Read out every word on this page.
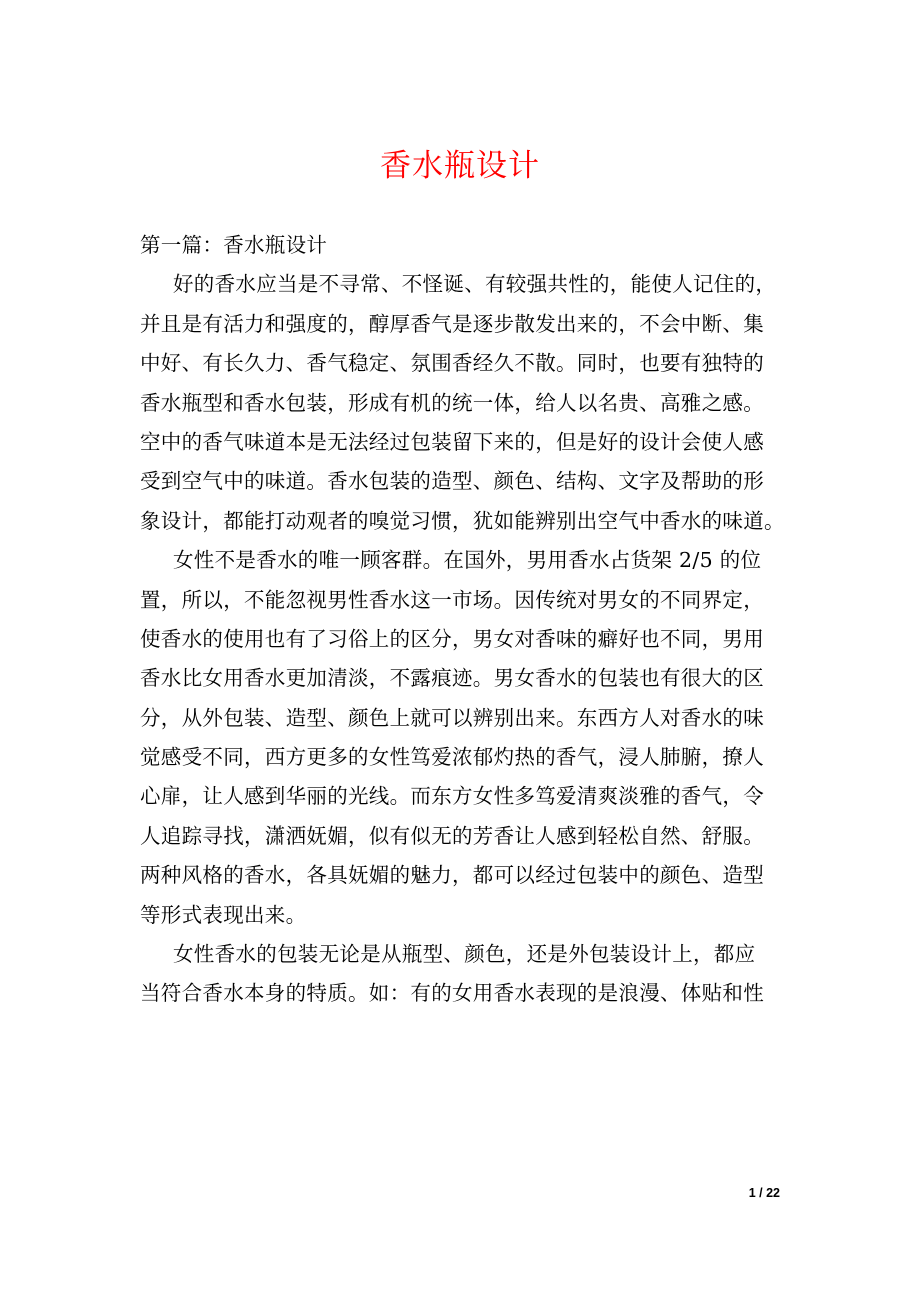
香水瓶设计
第一篇：香水瓶设计
好的香水应当是不寻常、不怪诞、有较强共性的，能使人记住的，
并且是有活力和强度的，醇厚香气是逐步散发出来的，不会中断、集
中好、有长久力、香气稳定、氛围香经久不散。同时，也要有独特的
香水瓶型和香水包装，形成有机的统一体，给人以名贵、高雅之感。
空中的香气味道本是无法经过包装留下来的，但是好的设计会使人感
受到空气中的味道。香水包装的造型、颜色、结构、文字及帮助的形
象设计，都能打动观者的嗅觉习惯，犹如能辨别出空气中香水的味道。
女性不是香水的唯一顾客群。在国外，男用香水占货架 2/5 的位
置，所以，不能忽视男性香水这一市场。因传统对男女的不同界定，
使香水的使用也有了习俗上的区分，男女对香味的癖好也不同，男用
香水比女用香水更加清淡，不露痕迹。男女香水的包装也有很大的区
分，从外包装、造型、颜色上就可以辨别出来。东西方人对香水的味
觉感受不同，西方更多的女性笃爱浓郁灼热的香气，浸人肺腑，撩人
心扉，让人感到华丽的光线。而东方女性多笃爱清爽淡雅的香气，令
人追踪寻找，潇洒妩媚，似有似无的芳香让人感到轻松自然、舒服。
两种风格的香水，各具妩媚的魅力，都可以经过包装中的颜色、造型
等形式表现出来。
女性香水的包装无论是从瓶型、颜色，还是外包装设计上，都应
当符合香水本身的特质。如：有的女用香水表现的是浪漫、体贴和性
1 / 22
